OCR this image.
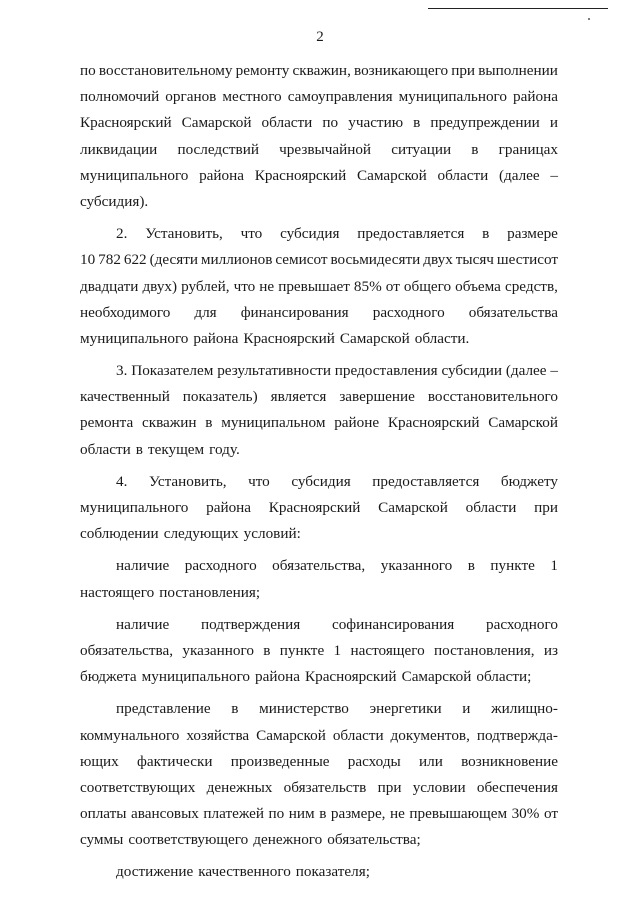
2
по восстановительному ремонту скважин, возникающего при выполнении
полномочий органов местного самоуправления муниципального района
Красноярский Самарской области по участию в предупреждении и
ликвидации последствий чрезвычайной ситуации в границах
муниципального района Красноярский Самарской области (далее –
субсидия).
2. Установить, что субсидия предоставляется в размере
10 782 622 (десяти миллионов семисот восьмидесяти двух тысяч шестисот
двадцати двух) рублей, что не превышает 85% от общего объема средств,
необходимого для финансирования расходного обязательства
муниципального района Красноярский Самарской области.
3. Показателем результативности предоставления субсидии (далее –
качественный показатель) является завершение восстановительного
ремонта скважин в муниципальном районе Красноярский Самарской
области в текущем году.
4. Установить, что субсидия предоставляется бюджету
муниципального района Красноярский Самарской области при
соблюдении следующих условий:
наличие расходного обязательства, указанного в пункте 1
настоящего постановления;
наличие подтверждения софинансирования расходного
обязательства, указанного в пункте 1 настоящего постановления, из
бюджета муниципального района Красноярский Самарской области;
представление в министерство энергетики и жилищно-
коммунального хозяйства Самарской области документов, подтвержда-
ющих фактически произведенные расходы или возникновение
соответствующих денежных обязательств при условии обеспечения
оплаты авансовых платежей по ним в размере, не превышающем 30% от
суммы соответствующего денежного обязательства;
достижение качественного показателя;
